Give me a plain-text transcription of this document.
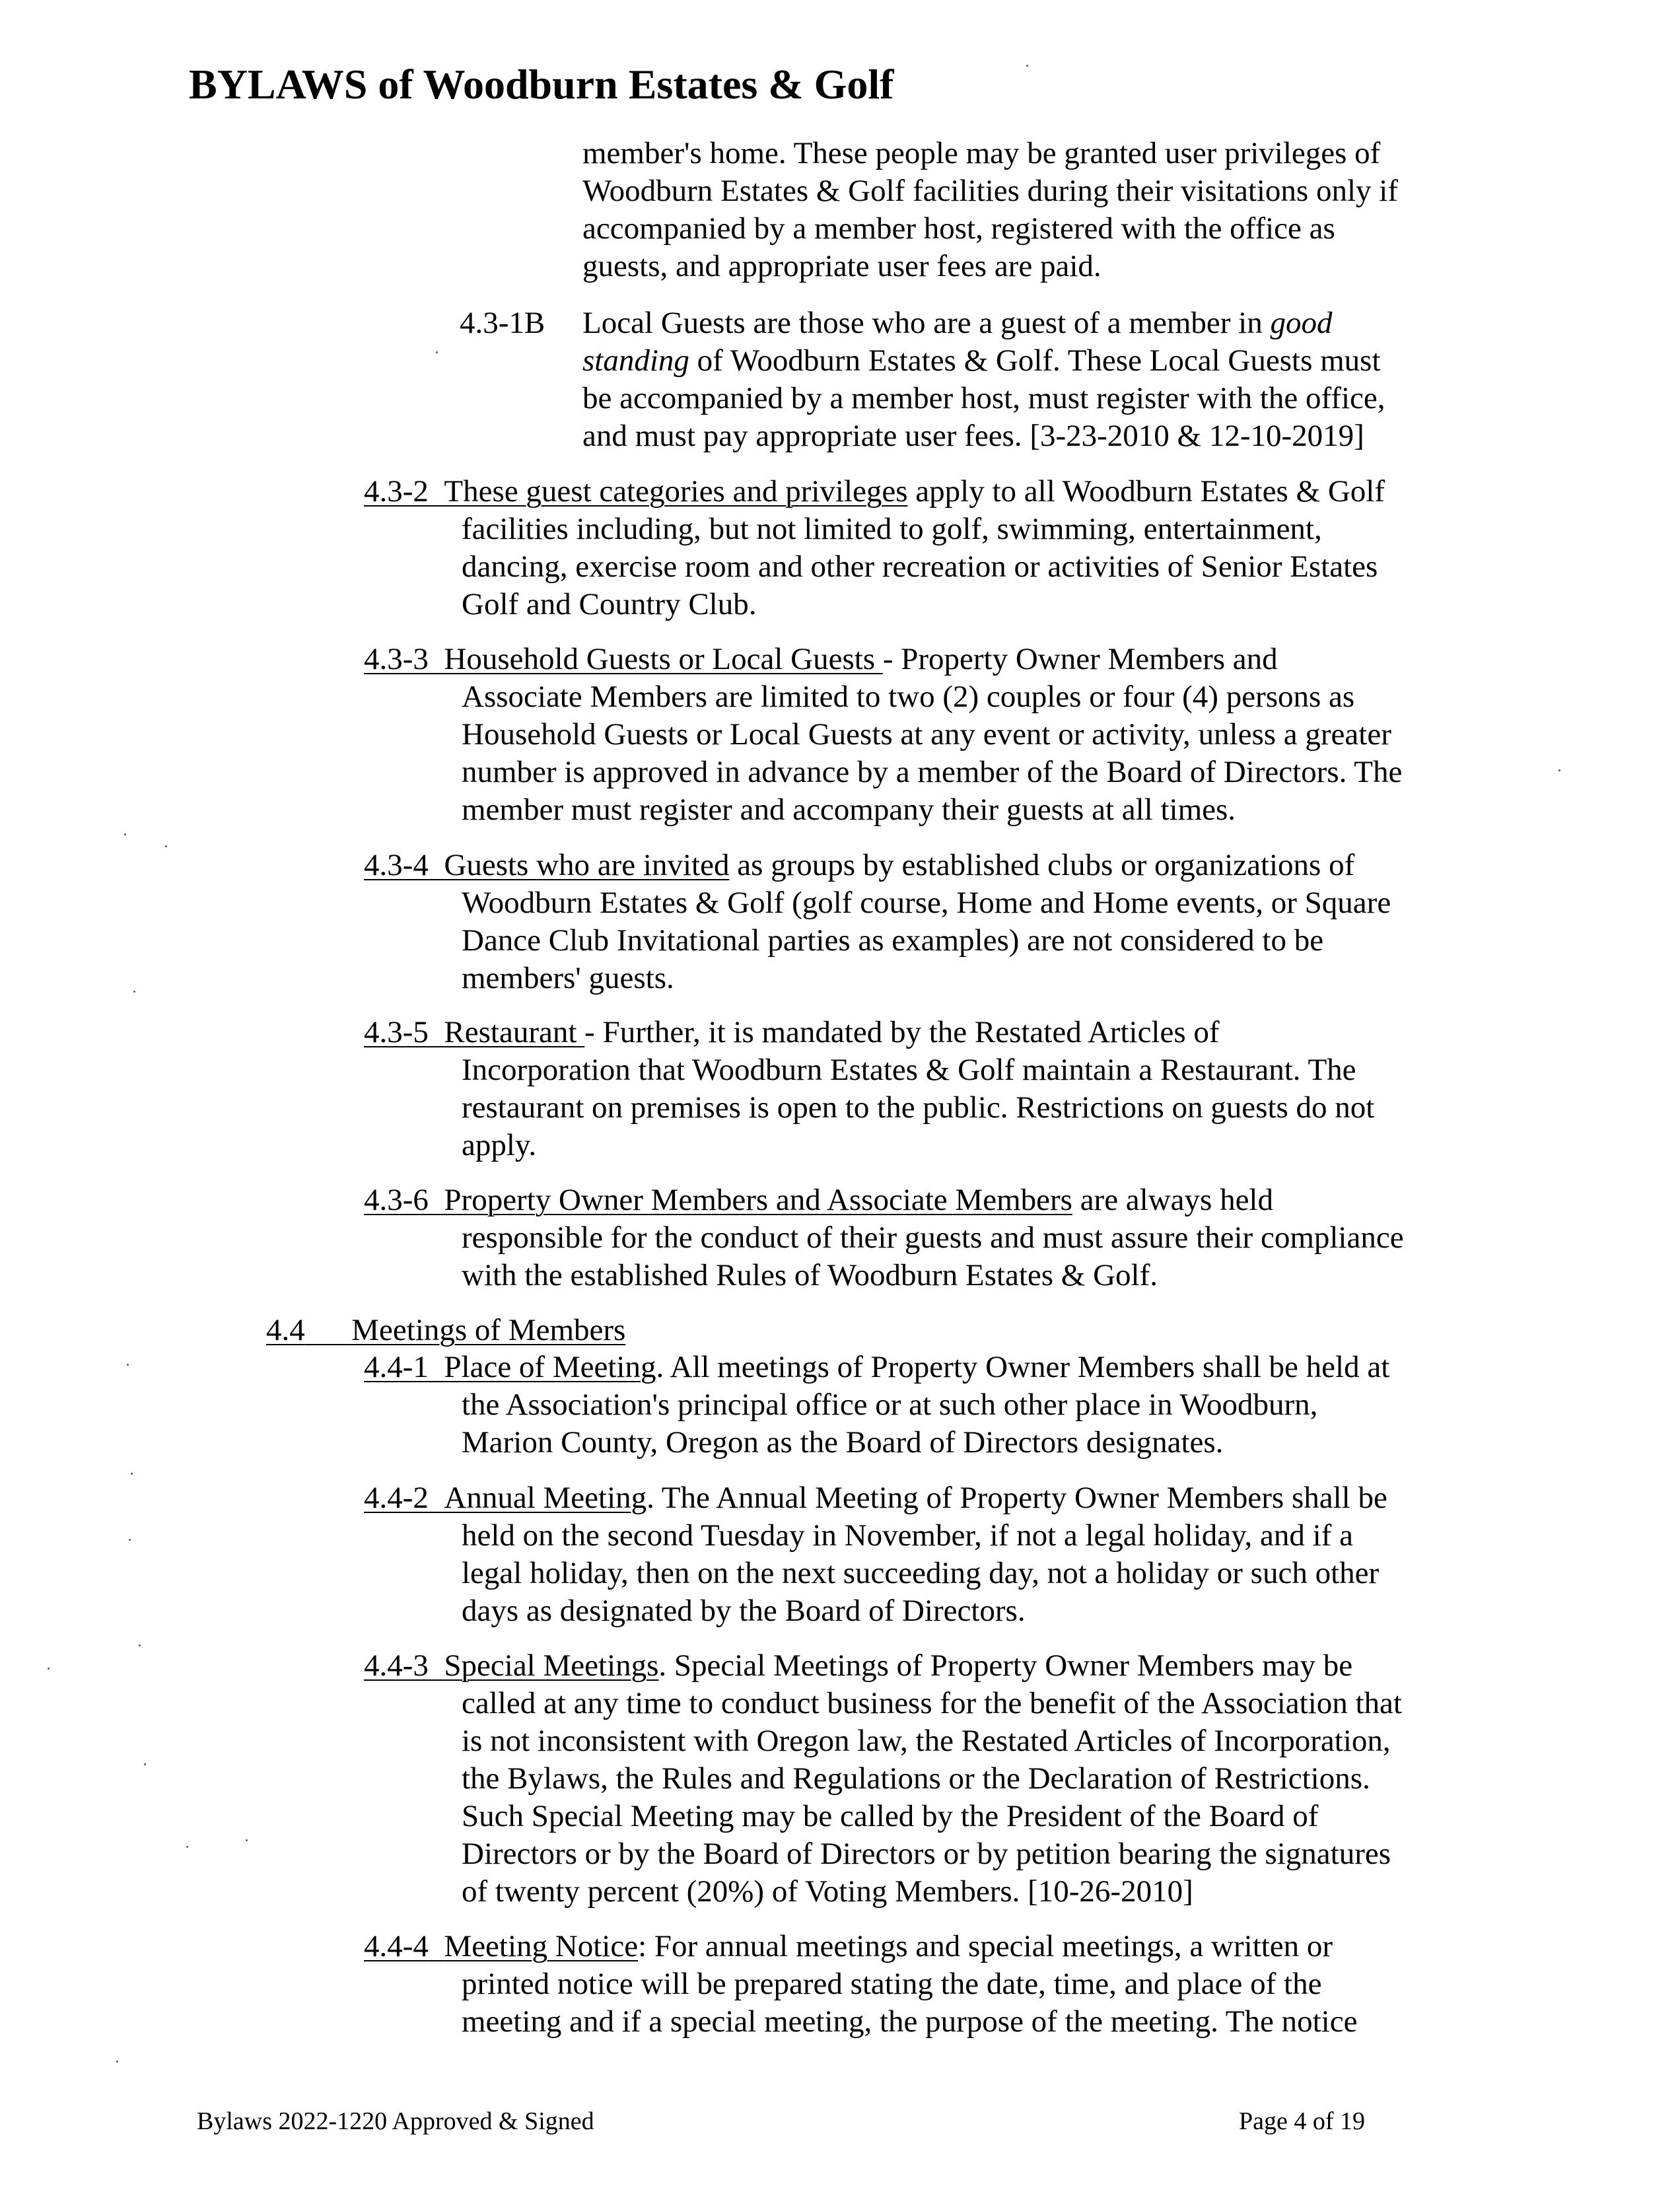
BYLAWS of Woodburn Estates & Golf
member's home. These people may be granted user privileges of
Woodburn Estates & Golf facilities during their visitations only if
accompanied by a member host, registered with the office as
guests, and appropriate user fees are paid.
4.3-1B Local Guests are those who are a guest of a member in good
standing of Woodburn Estates & Golf. These Local Guests must
be accompanied by a member host, must register with the office,
and must pay appropriate user fees. [3-23-2010 & 12-10-2019]
4.3-2 These guest categories and privileges apply to all Woodburn Estates & Golf
facilities including, but not limited to golf, swimming, entertainment,
dancing, exercise room and other recreation or activities of Senior Estates
Golf and Country Club.
4.3-3 Household Guests or Local Guests - Property Owner Members and
Associate Members are limited to two (2) couples or four (4) persons as
Household Guests or Local Guests at any event or activity, unless a greater
number is approved in advance by a member of the Board of Directors. The
member must register and accompany their guests at all times.
4.3-4 Guests who are invited as groups by established clubs or organizations of
Woodburn Estates & Golf (golf course, Home and Home events, or Square
Dance Club Invitational parties as examples) are not considered to be
members' guests.
4.3-5 Restaurant - Further, it is mandated by the Restated Articles of
Incorporation that Woodburn Estates & Golf maintain a Restaurant. The
restaurant on premises is open to the public. Restrictions on guests do not
apply.
4.3-6 Property Owner Members and Associate Members are always held
responsible for the conduct of their guests and must assure their compliance
with the established Rules of Woodburn Estates & Golf.
4.4 Meetings of Members
4.4-1 Place of Meeting. All meetings of Property Owner Members shall be held at
the Association's principal office or at such other place in Woodburn,
Marion County, Oregon as the Board of Directors designates.
4.4-2 Annual Meeting. The Annual Meeting of Property Owner Members shall be
held on the second Tuesday in November, if not a legal holiday, and if a
legal holiday, then on the next succeeding day, not a holiday or such other
days as designated by the Board of Directors.
4.4-3 Special Meetings. Special Meetings of Property Owner Members may be
called at any time to conduct business for the benefit of the Association that
is not inconsistent with Oregon law, the Restated Articles of Incorporation,
the Bylaws, the Rules and Regulations or the Declaration of Restrictions.
Such Special Meeting may be called by the President of the Board of
Directors or by the Board of Directors or by petition bearing the signatures
of twenty percent (20%) of Voting Members. [10-26-2010]
4.4-4 Meeting Notice: For annual meetings and special meetings, a written or
printed notice will be prepared stating the date, time, and place of the
meeting and if a special meeting, the purpose of the meeting. The notice
Bylaws 2022-1220 Approved & Signed	Page 4 of 19
